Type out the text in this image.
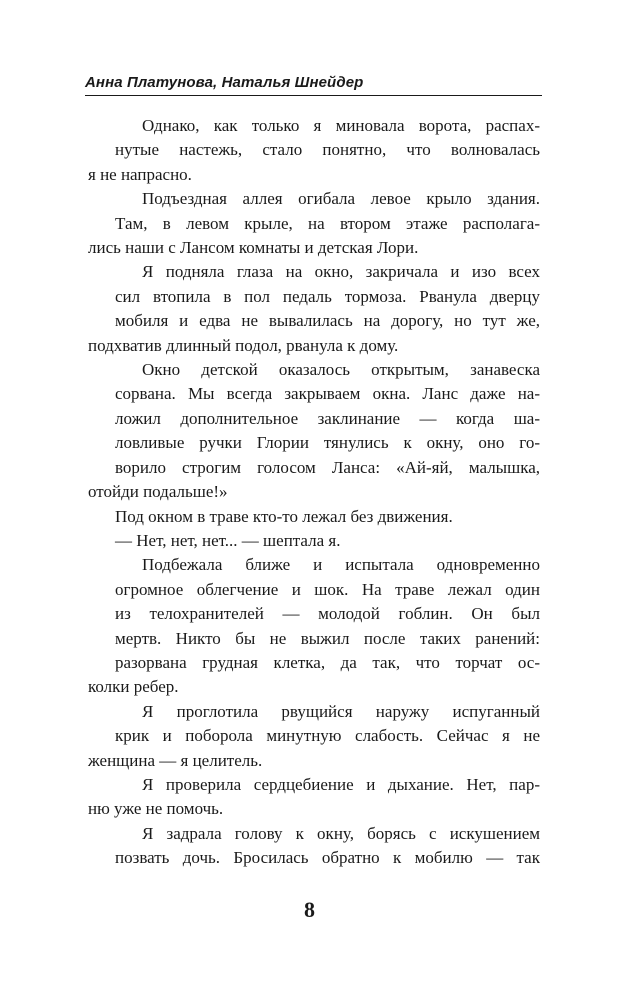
Анна Платунова, Наталья Шнейдер

Однако, как только я миновала ворота, распах-
нутые настежь, стало понятно, что волновалась
я не напрасно.

Подъездная аллея огибала левое крыло здания.
Там, в левом крыле, на втором этаже располага-
лись наши с Лансом комнаты и детская Лори.

Я подняла глаза на окно, закричала и изо всех
сил втопила в пол педаль тормоза. Рванула дверцу
мобиля и едва не вывалилась на дорогу, но тут же,
подхватив длинный подол, рванула к дому.

Окно детской оказалось открытым, занавеска
сорвана. Мы всегда закрываем окна. Ланс даже на-
ложил дополнительное заклинание — когда ша-
ловливые ручки Глории тянулись к окну, оно го-
ворило строгим голосом Ланса: «Ай-яй, малышка,
отойди подальше!»

Под окном в траве кто-то лежал без движения.

— Нет, нет, нет... — шептала я.

Подбежала ближе и испытала одновременно
огромное облегчение и шок. На траве лежал один
из телохранителей — молодой гоблин. Он был
мертв. Никто бы не выжил после таких ранений:
разорвана грудная клетка, да так, что торчат ос-
колки ребер.

Я проглотила рвущийся наружу испуганный
крик и поборола минутную слабость. Сейчас я не
женщина — я целитель.

Я проверила сердцебиение и дыхание. Нет, пар-
ню уже не помочь.

Я задрала голову к окну, борясь с искушением
позвать дочь. Бросилась обратно к мобилю — так

8
